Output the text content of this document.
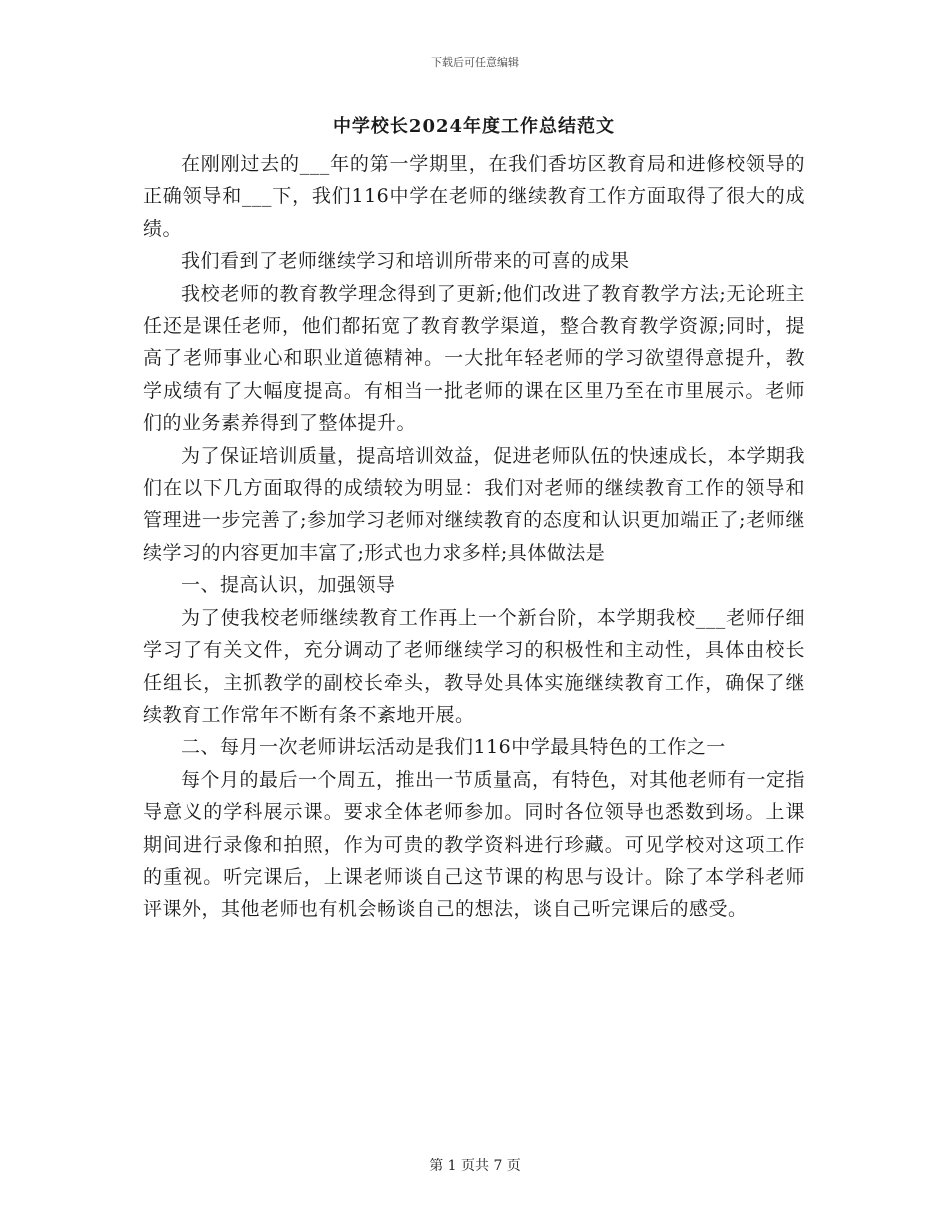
下载后可任意编辑
中学校长2024年度工作总结范文

在刚刚过去的___年的第一学期里，在我们香坊区教育局和进修校领导的正确领导和___下，我们116中学在老师的继续教育工作方面取得了很大的成绩。

我们看到了老师继续学习和培训所带来的可喜的成果

我校老师的教育教学理念得到了更新;他们改进了教育教学方法;无论班主任还是课任老师，他们都拓宽了教育教学渠道，整合教育教学资源;同时，提高了老师事业心和职业道德精神。一大批年轻老师的学习欲望得意提升，教学成绩有了大幅度提高。有相当一批老师的课在区里乃至在市里展示。老师们的业务素养得到了整体提升。

为了保证培训质量，提高培训效益，促进老师队伍的快速成长，本学期我们在以下几方面取得的成绩较为明显：我们对老师的继续教育工作的领导和管理进一步完善了;参加学习老师对继续教育的态度和认识更加端正了;老师继续学习的内容更加丰富了;形式也力求多样;具体做法是

一、提高认识，加强领导

为了使我校老师继续教育工作再上一个新台阶，本学期我校___老师仔细学习了有关文件，充分调动了老师继续学习的积极性和主动性，具体由校长任组长，主抓教学的副校长牵头，教导处具体实施继续教育工作，确保了继续教育工作常年不断有条不紊地开展。

二、每月一次老师讲坛活动是我们116中学最具特色的工作之一

每个月的最后一个周五，推出一节质量高，有特色，对其他老师有一定指导意义的学科展示课。要求全体老师参加。同时各位领导也悉数到场。上课期间进行录像和拍照，作为可贵的教学资料进行珍藏。可见学校对这项工作的重视。听完课后，上课老师谈自己这节课的构思与设计。除了本学科老师评课外，其他老师也有机会畅谈自己的想法，谈自己听完课后的感受。

第 1 页共 7 页
